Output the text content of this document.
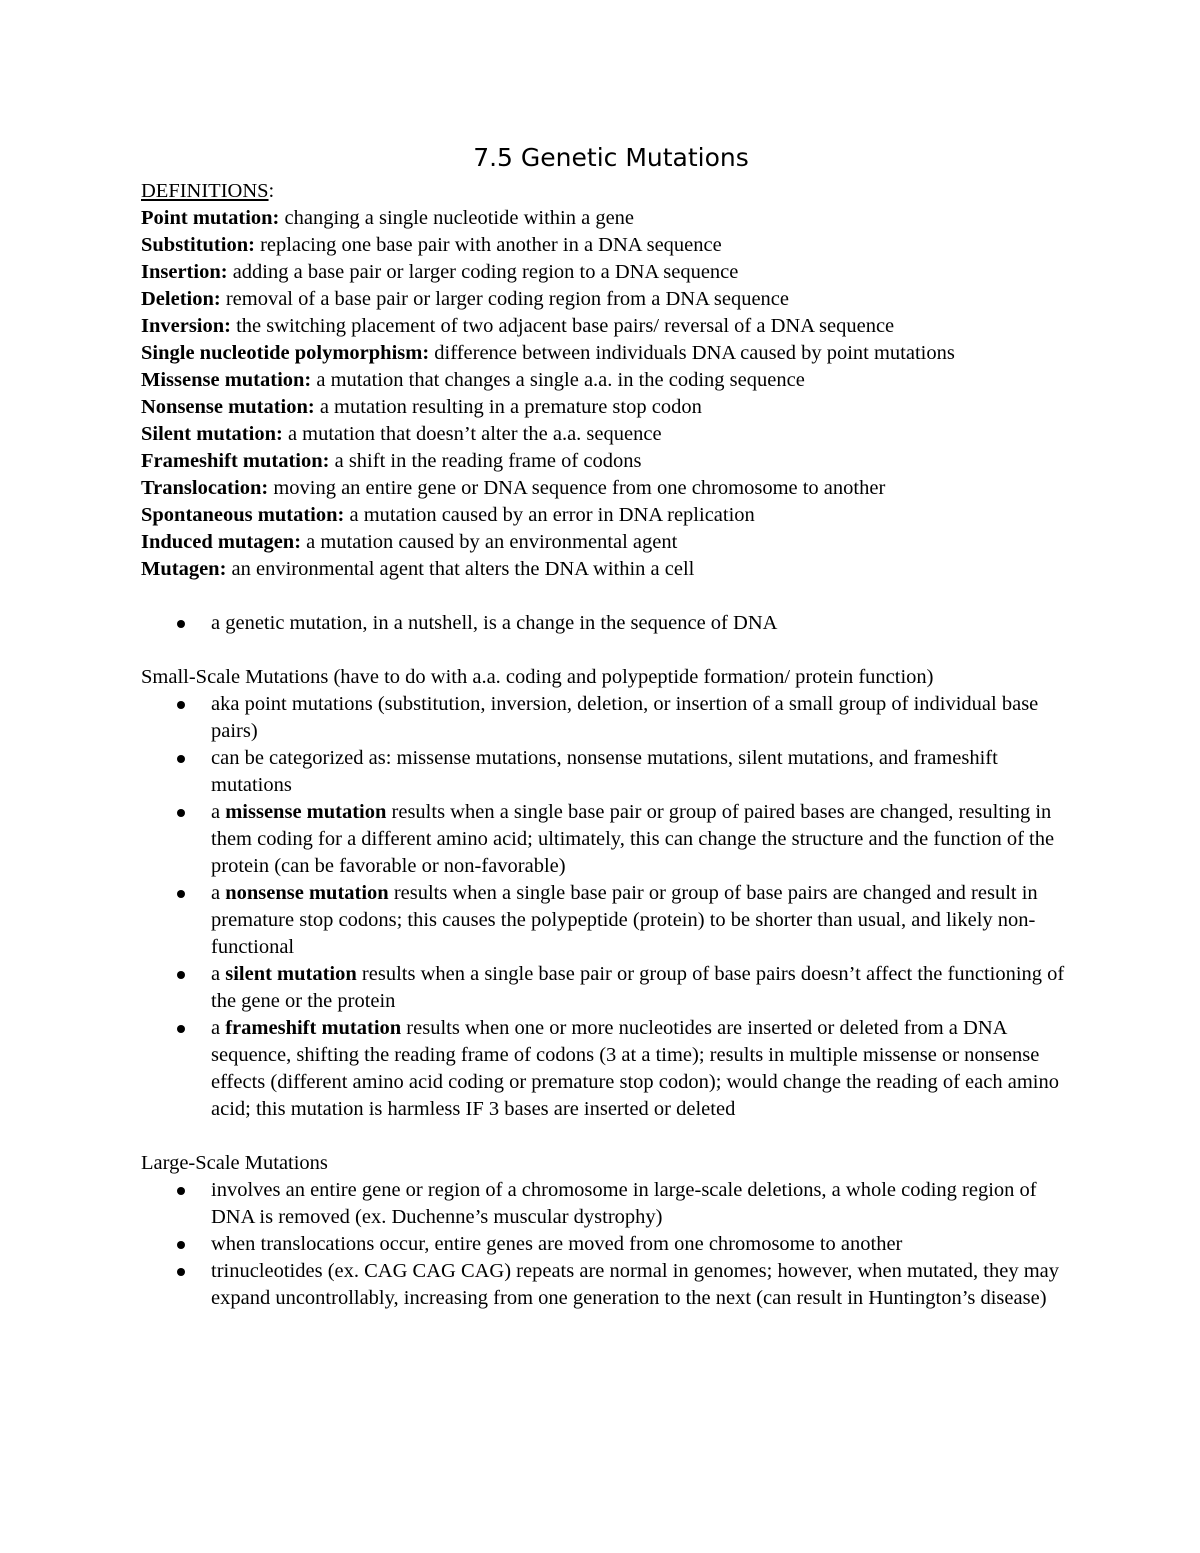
7.5 Genetic Mutations

DEFINITIONS:

Point mutation: changing a single nucleotide within a gene

Substitution: replacing one base pair with another in a DNA sequence

Insertion: adding a base pair or larger coding region to a DNA sequence

Deletion: removal of a base pair or larger coding region from a DNA sequence

Inversion: the switching placement of two adjacent base pairs/ reversal of a DNA sequence

Single nucleotide polymorphism: difference between individuals DNA caused by point mutations

Missense mutation: a mutation that changes a single a.a. in the coding sequence

Nonsense mutation: a mutation resulting in a premature stop codon

Silent mutation: a mutation that doesn’t alter the a.a. sequence

Frameshift mutation: a shift in the reading frame of codons

Translocation: moving an entire gene or DNA sequence from one chromosome to another

Spontaneous mutation: a mutation caused by an error in DNA replication

Induced mutagen: a mutation caused by an environmental agent

Mutagen: an environmental agent that alters the DNA within a cell

a genetic mutation, in a nutshell, is a change in the sequence of DNA

Small-Scale Mutations (have to do with a.a. coding and polypeptide formation/ protein function)

aka point mutations (substitution, inversion, deletion, or insertion of a small group of individual base pairs)
can be categorized as: missense mutations, nonsense mutations, silent mutations, and frameshift mutations
a missense mutation results when a single base pair or group of paired bases are changed, resulting in them coding for a different amino acid; ultimately, this can change the structure and the function of the protein (can be favorable or non-favorable)
a nonsense mutation results when a single base pair or group of base pairs are changed and result in premature stop codons; this causes the polypeptide (protein) to be shorter than usual, and likely non-functional
a silent mutation results when a single base pair or group of base pairs doesn’t affect the functioning of the gene or the protein
a frameshift mutation results when one or more nucleotides are inserted or deleted from a DNA sequence, shifting the reading frame of codons (3 at a time); results in multiple missense or nonsense effects (different amino acid coding or premature stop codon); would change the reading of each amino acid; this mutation is harmless IF 3 bases are inserted or deleted

Large-Scale Mutations

involves an entire gene or region of a chromosome in large-scale deletions, a whole coding region of DNA is removed (ex. Duchenne’s muscular dystrophy)
when translocations occur, entire genes are moved from one chromosome to another
trinucleotides (ex. CAG CAG CAG) repeats are normal in genomes; however, when mutated, they may expand uncontrollably, increasing from one generation to the next (can result in Huntington’s disease)
